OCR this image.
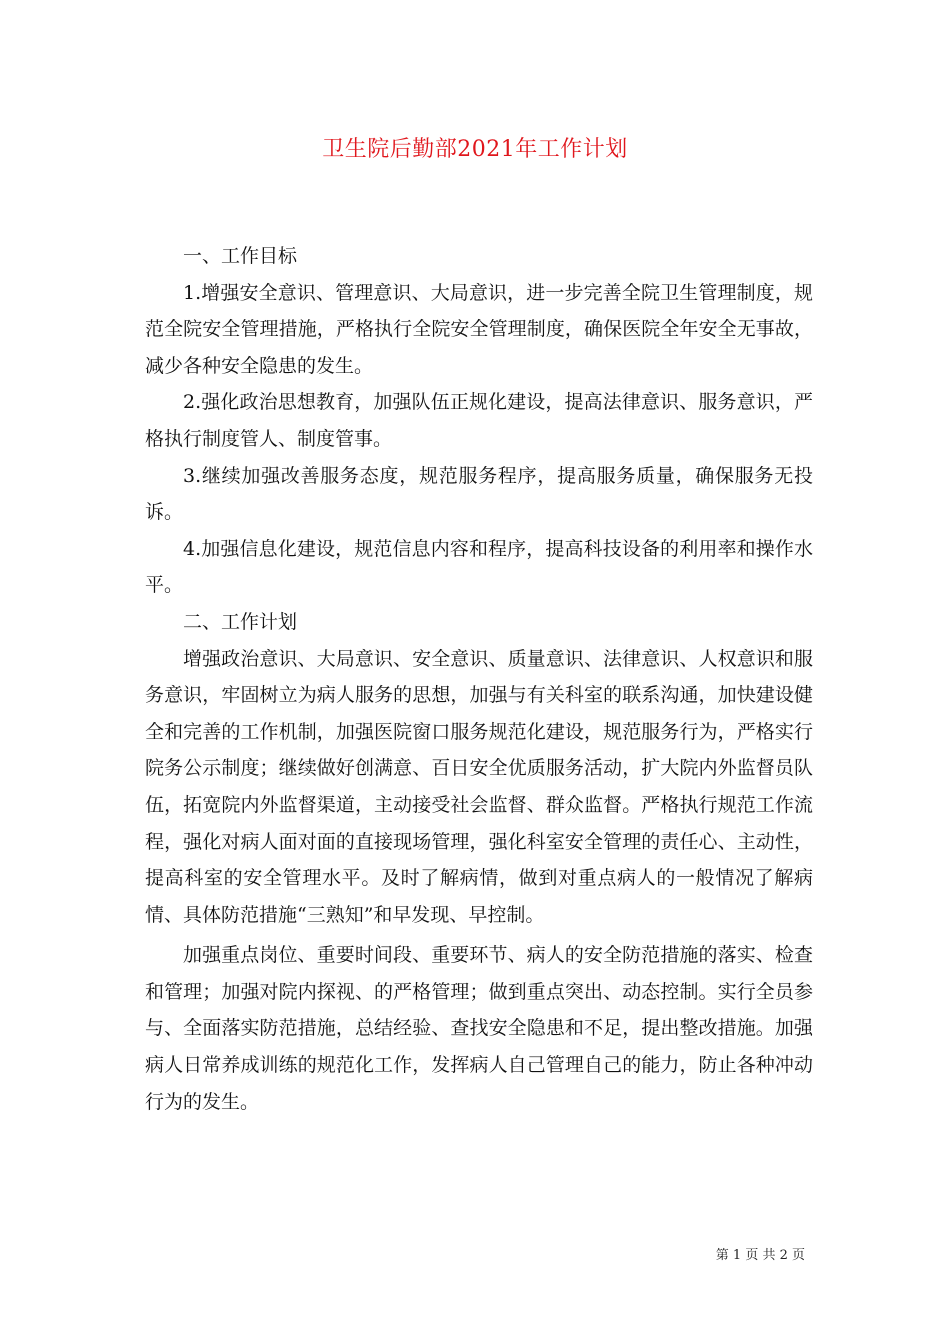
卫生院后勤部2021年工作计划

一、工作目标

1.增强安全意识、管理意识、大局意识，进一步完善全院卫生管理制度，规范全院安全管理措施，严格执行全院安全管理制度，确保医院全年安全无事故，减少各种安全隐患的发生。

2.强化政治思想教育，加强队伍正规化建设，提高法律意识、服务意识，严格执行制度管人、制度管事。

3.继续加强改善服务态度，规范服务程序，提高服务质量，确保服务无投诉。

4.加强信息化建设，规范信息内容和程序，提高科技设备的利用率和操作水平。

二、工作计划

增强政治意识、大局意识、安全意识、质量意识、法律意识、人权意识和服务意识，牢固树立为病人服务的思想，加强与有关科室的联系沟通，加快建设健全和完善的工作机制，加强医院窗口服务规范化建设，规范服务行为，严格实行院务公示制度；继续做好创满意、百日安全优质服务活动，扩大院内外监督员队伍，拓宽院内外监督渠道，主动接受社会监督、群众监督。严格执行规范工作流程，强化对病人面对面的直接现场管理，强化科室安全管理的责任心、主动性，提高科室的安全管理水平。及时了解病情，做到对重点病人的一般情况了解病情、具体防范措施“三熟知”和早发现、早控制。

加强重点岗位、重要时间段、重要环节、病人的安全防范措施的落实、检查和管理；加强对院内探视、的严格管理；做到重点突出、动态控制。实行全员参与、全面落实防范措施，总结经验、查找安全隐患和不足，提出整改措施。加强病人日常养成训练的规范化工作，发挥病人自己管理自己的能力，防止各种冲动行为的发生。

第 1 页 共 2 页
